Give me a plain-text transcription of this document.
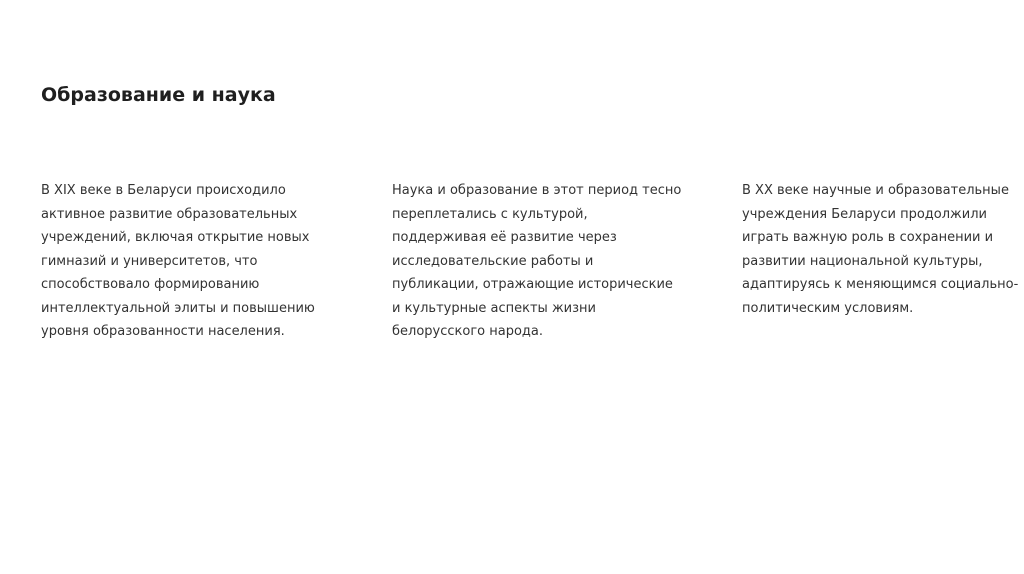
Образование и наука
В XIX веке в Беларуси происходило
активное развитие образовательных
учреждений, включая открытие новых
гимназий и университетов, что
способствовало формированию
интеллектуальной элиты и повышению
уровня образованности населения.
Наука и образование в этот период тесно
переплетались с культурой,
поддерживая её развитие через
исследовательские работы и
публикации, отражающие исторические
и культурные аспекты жизни
белорусского народа.
В XX веке научные и образовательные
учреждения Беларуси продолжили
играть важную роль в сохранении и
развитии национальной культуры,
адаптируясь к меняющимся социально-
политическим условиям.
